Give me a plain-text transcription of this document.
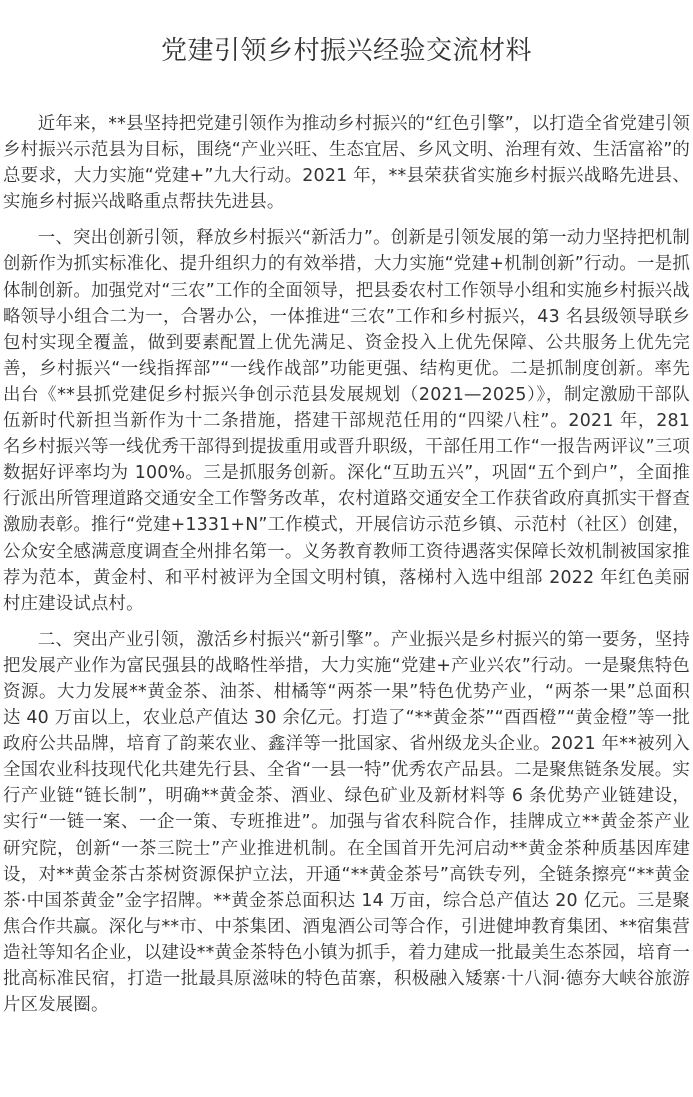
党建引领乡村振兴经验交流材料

近年来，**县坚持把党建引领作为推动乡村振兴的“红色引擎”，以打造全省党建引领乡村振兴示范县为目标，围绕“产业兴旺、生态宜居、乡风文明、治理有效、生活富裕”的总要求，大力实施“党建+”九大行动。2021 年，**县荣获省实施乡村振兴战略先进县、实施乡村振兴战略重点帮扶先进县。

一、突出创新引领，释放乡村振兴“新活力”。创新是引领发展的第一动力坚持把机制创新作为抓实标准化、提升组织力的有效举措，大力实施“党建+机制创新”行动。一是抓体制创新。加强党对“三农”工作的全面领导，把县委农村工作领导小组和实施乡村振兴战略领导小组合二为一，合署办公，一体推进“三农”工作和乡村振兴，43 名县级领导联乡包村实现全覆盖，做到要素配置上优先满足、资金投入上优先保障、公共服务上优先完善，乡村振兴“一线指挥部”“一线作战部”功能更强、结构更优。二是抓制度创新。率先出台《**县抓党建促乡村振兴争创示范县发展规划（2021—2025）》，制定激励干部队伍新时代新担当新作为十二条措施，搭建干部规范任用的“四梁八柱”。2021 年，281 名乡村振兴等一线优秀干部得到提拔重用或晋升职级，干部任用工作“一报告两评议”三项数据好评率均为 100%。三是抓服务创新。深化“互助五兴”，巩固“五个到户”，全面推行派出所管理道路交通安全工作警务改革，农村道路交通安全工作获省政府真抓实干督查激励表彰。推行“党建+1331+N”工作模式，开展信访示范乡镇、示范村（社区）创建，公众安全感满意度调查全州排名第一。义务教育教师工资待遇落实保障长效机制被国家推荐为范本，黄金村、和平村被评为全国文明村镇，落梯村入选中组部 2022 年红色美丽村庄建设试点村。

二、突出产业引领，激活乡村振兴“新引擎”。产业振兴是乡村振兴的第一要务，坚持把发展产业作为富民强县的战略性举措，大力实施“党建+产业兴农”行动。一是聚焦特色资源。大力发展**黄金茶、油茶、柑橘等“两茶一果”特色优势产业，“两茶一果”总面积达 40 万亩以上，农业总产值达 30 余亿元。打造了“**黄金茶”“酉酉橙”“黄金橙”等一批政府公共品牌，培育了韵莱农业、鑫洋等一批国家、省州级龙头企业。2021 年**被列入全国农业科技现代化共建先行县、全省“一县一特”优秀农产品县。二是聚焦链条发展。实行产业链“链长制”，明确**黄金茶、酒业、绿色矿业及新材料等 6 条优势产业链建设，实行“一链一案、一企一策、专班推进”。加强与省农科院合作，挂牌成立**黄金茶产业研究院，创新“一茶三院士”产业推进机制。在全国首开先河启动**黄金茶种质基因库建设，对**黄金茶古茶树资源保护立法，开通“**黄金茶号”高铁专列，全链条擦亮“**黄金茶·中国茶黄金”金字招牌。**黄金茶总面积达 14 万亩，综合总产值达 20 亿元。三是聚焦合作共赢。深化与**市、中茶集团、酒鬼酒公司等合作，引进健坤教育集团、**宿集营造社等知名企业，以建设**黄金茶特色小镇为抓手，着力建成一批最美生态茶园，培育一批高标准民宿，打造一批最具原滋味的特色苗寨，积极融入矮寨·十八洞·德夯大峡谷旅游片区发展圈。
